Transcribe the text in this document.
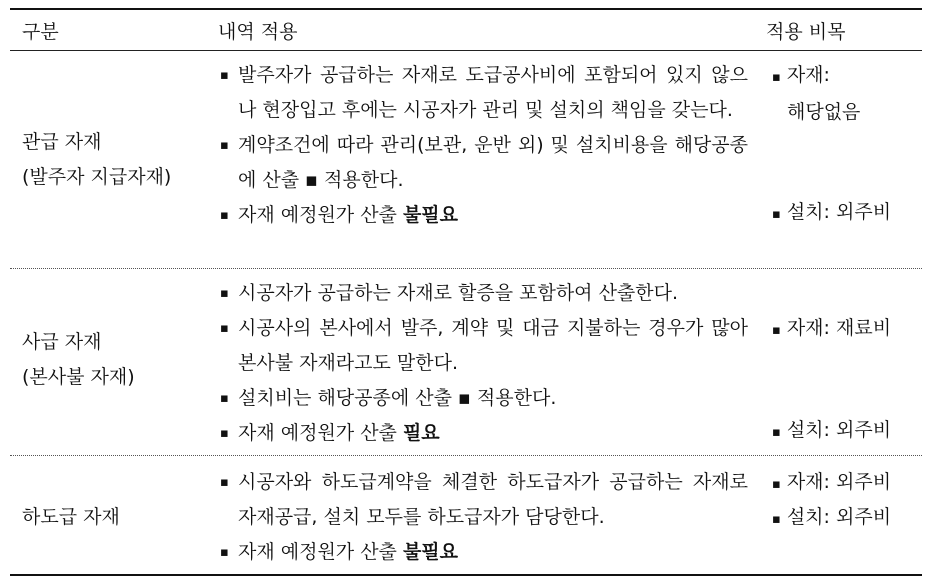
구분	내역 적용	적용 비목
관급 자재
(발주자 지급자재)
▪ 발주자가 공급하는 자재로 도급공사비에 포함되어 있지 않으나 현장입고 후에는 시공자가 관리 및 설치의 책임을 갖는다.
▪ 계약조건에 따라 관리(보관, 운반 외) 및 설치비용을 해당공종에 산출 ▪ 적용한다.
▪ 자재 예정원가 산출 불필요
▪ 자재:
해당없음
▪ 설치: 외주비
사급 자재
(본사불 자재)
▪ 시공자가 공급하는 자재로 할증을 포함하여 산출한다.
▪ 시공사의 본사에서 발주, 계약 및 대금 지불하는 경우가 많아 본사불 자재라고도 말한다.
▪ 설치비는 해당공종에 산출 ▪ 적용한다.
▪ 자재 예정원가 산출 필요
▪ 자재: 재료비
▪ 설치: 외주비
하도급 자재
▪ 시공자와 하도급계약을 체결한 하도급자가 공급하는 자재로 자재공급, 설치 모두를 하도급자가 담당한다.
▪ 자재 예정원가 산출 불필요
▪ 자재: 외주비
▪ 설치: 외주비
